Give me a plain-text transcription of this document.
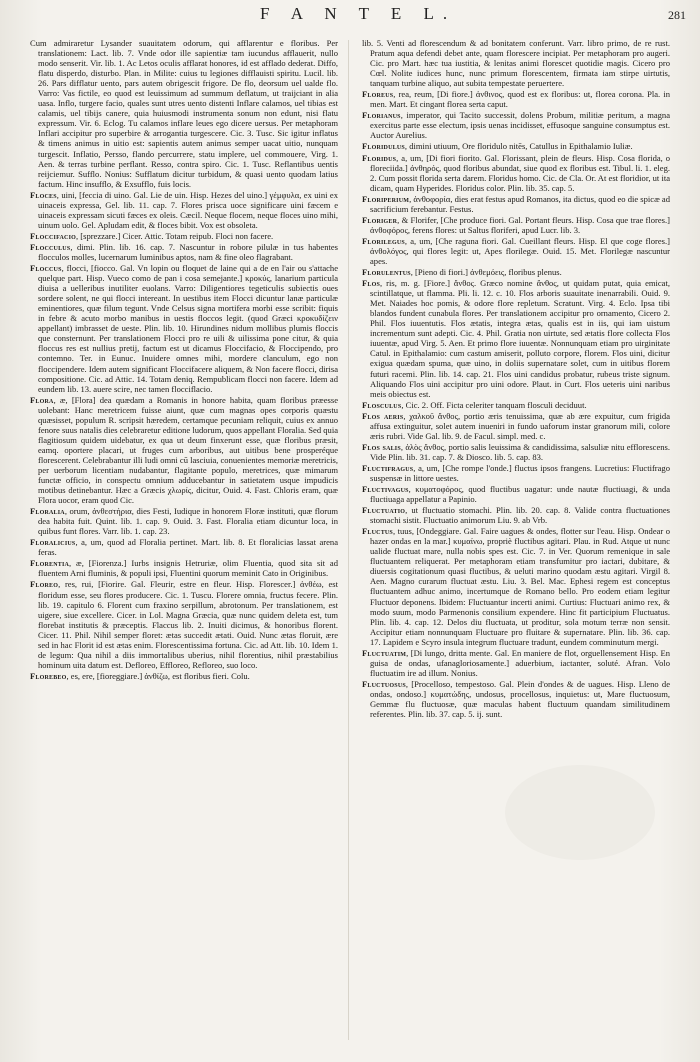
F A N T E L.	281

Cum admiraretur Lysander suauitatem odorum, qui afflarentur e floribus. Per translationem: Lact. lib. 7. Vnde odor ille sapientiæ tam iucundus afflauerit, nullo modo senserit. Vir. lib. 1. Ac Letos oculis afflarat honores, id est afflado dederat. Diffo, flatu disperdo, disturbo. Plan. in Milite: cuius tu legiones difflauisti spiritu. Lucil. lib. 26. Pars difflatur uento, pars autem obrigescit frigore. De flo, deorsum uel ualde flo. Varro: Vas fictile, eo quod est leuissimum ad summum deflatum, ut traijciant in alia uasa. Inflo, turgere facio, quales sunt utres uento distenti Inflare calamos, uel tibias est calamis, uel tibijs canere, quia huiusmodi instrumenta sonum non edunt, nisi flatu expressum. Vir. 6. Eclog. Tu calamos inflare leues ego dicere uersus. Per metaphoram Inflari accipitur pro superbire & arrogantia turgescere. Cic. 3. Tusc. Sic igitur inflatus & timens animus in uitio est: sapientis autem animus semper uacat uitio, nunquam turgescit. Inflatio, Persso, flando percurrere, statu implere, uel commouere, Virg. 1. Aen. & terras turbine perflant. Resso, contra spiro. Cic. 1. Tusc. Reflantibus uentis reijciemur. Sufflo. Nonius: Sufflatum dicitur turbidum, & quasi uento quodam latius factum. Hinc insufflo, & Exsufflo, fuis locis.

Floces, uini, [feccia di uino. Gal. Lie de uin. Hisp. Hezes del uino.] γέμφυλα, ex uini ex uinaceis expressa, Gel. lib. 11. cap. 7. Flores prisca uoce significare uini fæcem e uinaceis expressam sicuti fæces ex oleis. Cæcil. Neque flocem, neque floces uino mihi, uinum uolo. Gel. Apludam edit, & floces bibit. Vox est obsoleta.

Floccifacio, [sprezzare.] Cicer. Attic. Totam reipub. Floci non facere.

Flocculus, dimi. Plin. lib. 16. cap. 7. Nascuntur in robore pilulæ in tus habentes flocculos molles, lucernarum luminibus aptos, nam & fine oleo flagrabant.

Floccus, flocci, [fiocco. Gal. Vn lopin ou floquet de laine qui a de en l'air ou s'attache quelque part. Hisp. Vueco como de pan i cosa semejante.] κροκύς, lanarium particula diuisa a uelleribus inutiliter euolans. Varro: Diligentiores tegeticulis subiectis oues sordere solent, ne qui flocci intereant. In uestibus item Flocci dicuntur lanæ particulæ eminentiores, quæ filum tegunt. Vnde Celsus signa mortifera morbi esse scribit: fiquis in febre & acuto morbo manibus in uestis floccos legit. (quod Græci κροκυδίζειν appellant) imbrasset de ueste. Plin. lib. 10. Hirundines nidum mollibus plumis floccis que consternunt. Per translationem Flocci pro re uili & uilissima pone citur, & quia floccus res est nullius pretij, factum est ut dicamus Floccifacio, & Floccipendo, pro contemno. Ter. in Eunuc. Inuidere omnes mihi, mordere clanculum, ego non floccipendere. Idem autem significant Floccifacere aliquem, & Non facere flocci, dirisa compositione. Cic. ad Attic. 14. Totam deniq. Rempublicam flocci non facere. Idem ad eundem lib. 13. auere scire, nec tamen flocciflacio.

Flora, æ, [Flora] dea quædam a Romanis in honore habita, quam floribus præesse uolebant: Hanc meretricem fuisse aiunt, quæ cum magnas opes corporis quæstu quæsisset, populum R. scripsit hæredem, certamque pecuniam reliquit, cuius ex annuo fenore suus natalis dies celebraretur editione ludorum, quos appellant Floralia. Sed quia flagitiosum quidem uidebatur, ex qua ut deum finxerunt esse, quæ floribus præsit, eamq. oportere placari, ut fruges cum arboribus, aut uitibus bene prosperéque florescerent. Celebrabantur illi ludi omni cū lasciuia, conuenientes memoriæ meretricis, per uerborum licentiam nudabantur, flagitante populo, meretrices, quæ mimarum functæ officio, in conspectu omnium adducebantur in satietatem usque impudicis motibus detinebantur. Hæc a Græcis χλωρίς, dicitur, Ouid. 4. Fast. Chloris eram, quæ Flora uocor, eram quod Cic.

Floralia, orum, ἀνθεστήρια, dies Festi, Iudique in honorem Floræ instituti, quæ florum dea habita fuit. Quint. lib. 1. cap. 9. Ouid. 3. Fast. Floralia etiam dicuntur loca, in quibus funt flores. Varr. lib. 1. cap. 23.

Floralicius, a, um, quod ad Floralia pertinet. Mart. lib. 8. Et floralicias lassat arena feras.

Florentia, æ, [Fiorenza.] Iurbs insignis Hetruriæ, olim Fluentia, quod sita sit ad fluentem Arni fluminis, & populi ipsi, Fluentini quorum meminit Cato in Originibus.

Floreo, res, rui, [Fiorire. Gal. Fleurir, estre en fleur. Hisp. Florescer.] ἀνθέω, est floridum esse, seu flores producere. Cic. 1. Tuscu. Florere omnia, fructus fecere. Plin. lib. 19. capitulo 6. Florent cum fraxino serpillum, abrotonum. Per translationem, est uigere, siue excellere. Cicer. in Lol. Magna Græcia, quæ nunc quidem deleta est, tum florebat institutis & præceptis. Flaccus lib. 2. Inuiti dicimus, & honoribus florent. Cicer. 11. Phil. Nihil semper floret: ætas succedit ætati. Ouid. Nunc ætas floruit, ære sed in hac Florit id est ætas enim. Florescentissima fortuna. Cic. ad Att. lib. 10. Idem 1. de legum: Qua nihil a diis immortalibus uberius, nihil florentius, nihil præstabilius hominum uita datum est. Defloreo, Effloreo, Refloreo, suo loco.

Florebeo, es, ere, [fioreggiare.] ἀνθίζω, est floribus fieri. Colu.

lib. 5. Venti ad florescendum & ad bonitatem conferunt. Varr. libro primo, de re rust. Pratum aqua defendi debet ante, quam florescere incipiat. Per metaphoram pro augeri. Cic. pro Mart. hæc tua iustitia, & lenitas animi florescet quotidie magis. Cicero pro Cœl. Nolite iudices hunc, nunc primum florescentem, firmata iam stirpe uirtutis, tanquam turbine aliquo, aut subita tempestate peruertere.

Floreus, rea, reum, [Di fiore.] ἀνθινος, quod est ex floribus: ut, florea corona. Pla. in men. Mart. Et cingant florea serta caput.

Florianus, imperator, qui Tacito successit, dolens Probum, militiæ peritum, a magna exercitus parte esse electum, ipsis uenas incidisset, effusoque sanguine consumptus est. Auctor Aurelius.

Floridulus, dimini utiuum, Ore floridulo nitēs, Catullus in Epithalamio Iuliæ.

Floridus, a, um, [Di fiori fiorito. Gal. Florissant, plein de fleurs. Hisp. Cosa florida, o floreciida.] ἀνθηρός, quod floribus abundat, siue quod ex floribus est. Tibul. li. 1. eleg. 2. Cum possit florida serta darem. Floridus homo. Cic. de Cla. Or. At est floridior, ut ita dicam, quam Hyperides. Floridus color. Plin. lib. 35. cap. 5.

Floriperium, ἀνθοφορία, dies erat festus apud Romanos, ita dictus, quod eo die spicæ ad sacrificium ferebantur. Festus.

Floriger, & Florifer, [Che produce fiori. Gal. Portant fleurs. Hisp. Cosa que trae flores.] ἀνθοφόρος, ferens flores: ut Saltus floriferi, apud Lucr. lib. 3.

Florilegus, a, um, [Che raguna fiori. Gal. Cueillant fleurs. Hisp. El que coge flores.] ἀνθολόγος, qui flores legit: ut, Apes florilegæ. Ouid. 15. Met. Florilegæ nascuntur apes.

Florulentus, [Pieno di fiori.] ἀνθεμόεις, floribus plenus.

Flos, ris, m. g. [Fiore.] ἄνθος. Græco nomine ἄνθος, ut quidam putat, quia emicat, scintillatque, ut flamma. Pli. li. 12. c. 10. Flos arboris suauitate inenarrabili. Ouid. 9. Met. Naiades hoc pomis, & odore flore repletum. Scratunt. Virg. 4. Eclo. Ipsa tibi blandos fundent cunabula flores. Per translationem accipitur pro ornamento, Cicero 2. Phil. Flos iuuentutis. Flos ætatis, integra ætas, qualis est in iis, qui iam uistum incrementum sunt adepti. Cic. 4. Phil. Gratia non uirtute, sed ætatis flore collecta Flos iuuentæ, apud Virg. 5. Aen. Et primo flore iuuentæ. Nonnunquam etiam pro uirginitate Catul. in Epithalamio: cum castum amiserit, polluto corpore, florem. Flos uini, dicitur exigua quædam spuma, quæ uino, in doliis supernatare solet, cum in uitibus florem futuri racemi. Plin. lib. 14. cap. 21. Flos uini candidus probatur, rubeus triste signum. Aliquando Flos uini accipitur pro uini odore. Plaut. in Curt. Flos ueteris uini naribus meis obiectus est.

Flosculus, Cic. 2. Off. Ficta celeriter tanquam flosculi deciduut.

Flos aeris, χαλκοῦ ἄνθος, portio æris tenuissima, quæ ab ære expuitur, cum frigida affusa extinguitur, solet autem inueniri in fundo uaforum instar granorum mili, colore æris rubri. Vide Gal. lib. 9. de Facul. simpl. med. c.

Flos salis, ἁλὸς ἄνθος, portio salis leuissima & candidissima, salsuliæ nitu efflorescens. Vide Plin. lib. 31. cap. 7. & Diosco. lib. 5. cap. 83.

Fluctifragus, a, um, [Che rompe l'onde.] fluctus ipsos frangens. Lucretius: Fluctifrago suspensæ in littore uestes.

Fluctivagus, κυματοφόρος, quod fluctibus uagatur: unde nautæ fluctiuagi, & unda fluctiuaga appellatur a Papinio.

Fluctuatio, ut fluctuatio stomachi. Plin. lib. 20. cap. 8. Valide contra fluctuationes stomachi sistit. Fluctuatio animorum Liu. 9. ab Vrb.

Fluctus, tuus, [Ondeggiare. Gal. Faire uagues & ondes, flotter sur l'eau. Hisp. Ondear o hazer ondas en la mar.] κυμαίνω, propriè fluctibus agitari. Plau. in Rud. Atque ut nunc ualide fluctuat mare, nulla nobis spes est. Cic. 7. in Ver. Quorum remenique in sale fluctuantem reliquerat. Per metaphoram etiam transfumitur pro iactari, dubitare, & diuersis cogitationum quasi fluctibus, & ueluti marino quodam æstu agitari. Virgil 8. Aen. Magno curarum fluctuat æstu. Liu. 3. Bel. Mac. Ephesi regem est conceptus fluctuantem adhuc animo, incertumque de Romano bello. Pro eodem etiam legitur Fluctuor deponens. Ibidem: Fluctuantur incerti animi. Curtius: Fluctuari animo rex, & modo suum, modo Parmenonis consilium expendere. Hinc fit participium Fluctuatus. Plin. lib. 4. cap. 12. Delos diu fluctuata, ut proditur, sola motum terræ non sensit. Accipitur etiam nonnunquam Fluctuare pro fluitare & supernatare. Plin. lib. 36. cap. 17. Lapidem e Scyro insula integrum fluctuare tradunt, eundem comminutum mergi.

Fluctuatim, [Di lungo, dritta mente. Gal. En maniere de flot, orguellensement Hisp. En guisa de ondas, ufanagloriosamente.] aduerbium, iactanter, soluté. Afran. Volo fluctuatim ire ad illum. Nonius.

Fluctuosus, [Procelloso, tempestoso. Gal. Plein d'ondes & de uagues. Hisp. Lleno de ondas, ondoso.] κυματώδης, undosus, procellosus, inquietus: ut, Mare fluctuosum, Gemmæ flu fluctuosæ, quæ maculas habent fluctuum quandam similitudinem referentes. Plin. lib. 37. cap. 5. ij. sunt.
